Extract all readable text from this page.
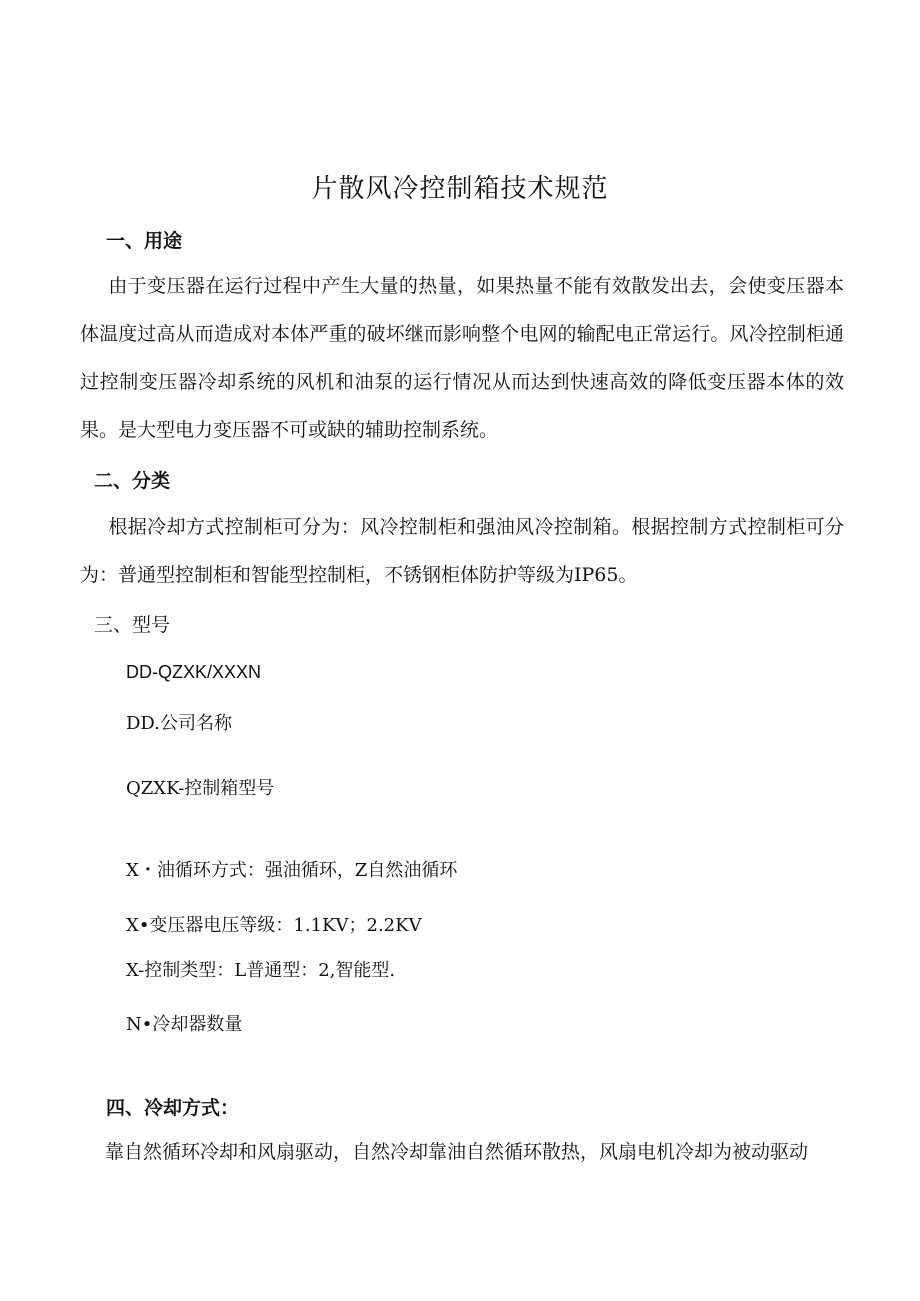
片散风冷控制箱技术规范
一、用途

由于变压器在运行过程中产生大量的热量，如果热量不能有效散发出去，会使变压器本体温度过高从而造成对本体严重的破坏继而影响整个电网的输配电正常运行。风冷控制柜通过控制变压器冷却系统的风机和油泵的运行情况从而达到快速高效的降低变压器本体的效果。是大型电力变压器不可或缺的辅助控制系统。

二、分类

根据冷却方式控制柜可分为：风冷控制柜和强油风冷控制箱。根据控制方式控制柜可分为：普通型控制柜和智能型控制柜，不锈钢柜体防护等级为IP65。

三、型号
DD-QZXK/XXXN
DD.公司名称
QZXK-控制箱型号
X・油循环方式：强油循环，Z自然油循环
X•变压器电压等级：1.1KV；2.2KV
X-控制类型：L普通型：2,智能型.
N•冷却器数量
四、冷却方式：

靠自然循环冷却和风扇驱动，自然冷却靠油自然循环散热，风扇电机冷却为被动驱动
